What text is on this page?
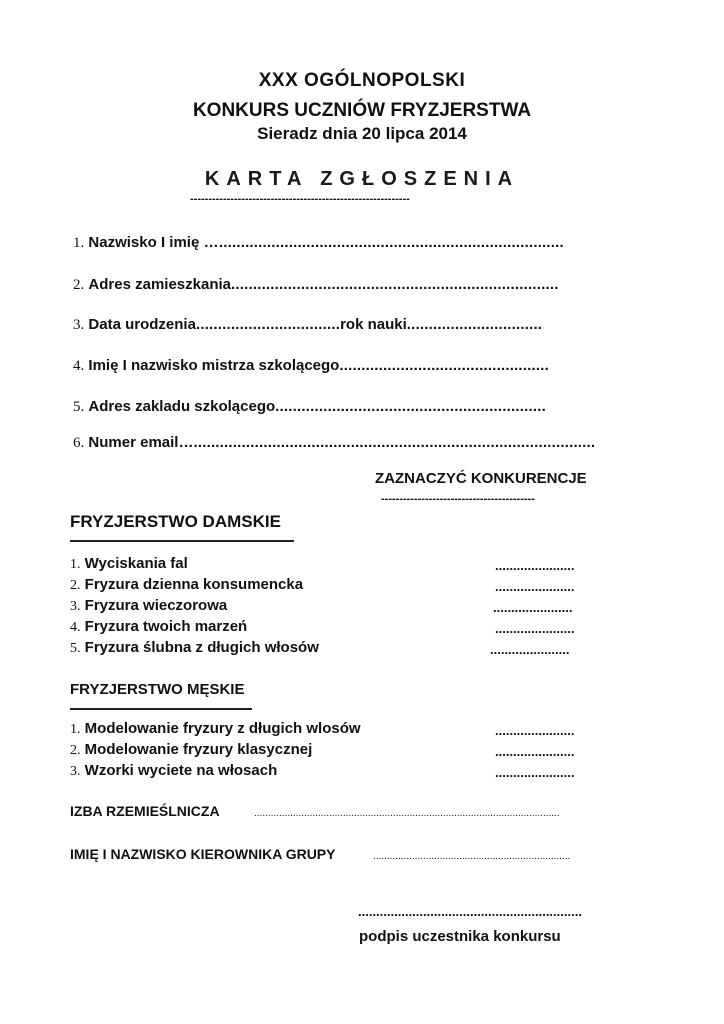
XXX OGÓLNOPOLSKI
KONKURS UCZNIÓW FRYZJERSTWA
Sieradz dnia 20 lipca 2014
KARTA ZGŁOSZENIA
------------------------------------------------------------
1. Nazwisko I imię …...............................................................................
2. Adres zamieszkania...........................................................................
3. Data urodzenia.................................rok nauki...............................
4. Imię I nazwisko mistrza szkolącego................................................
5. Adres zakladu szkolącego..............................................................
6. Numer email…............................................................................................
ZAZNACZYĆ KONKURENCJE
------------------------------------------
FRYZJERSTWO DAMSKIE
1. Wyciskania fal	......................
2. Fryzura dzienna konsumencka	......................
3. Fryzura wieczorowa	......................
4. Fryzura twoich marzeń	......................
5. Fryzura ślubna z długich włosów	......................
FRYZJERSTWO MĘSKIE
1. Modelowanie fryzury z długich wlosów	......................
2. Modelowanie fryzury klasycznej	......................
3. Wzorki wyciete na włosach	......................
IZBA RZEMIEŚLNICZA	..............................................................................................................
IMIĘ I NAZWISKO KIEROWNIKA GRUPY	.......................................................................
..............................................................
podpis uczestnika konkursu
